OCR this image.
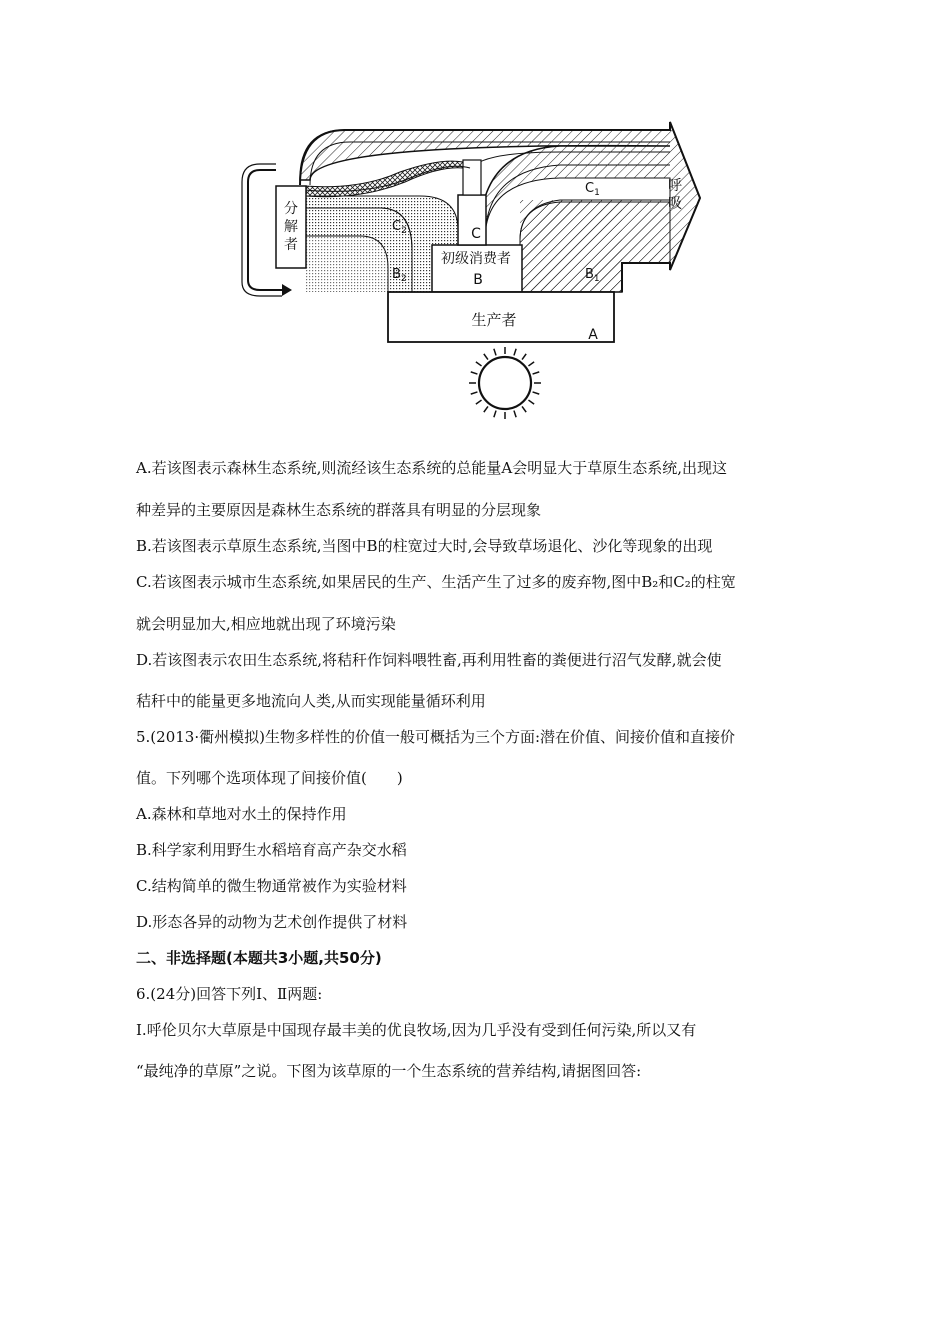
分
解
者
呼
吸
生产者
A
初级消费者
B
C
$C_1$
$C_2$
$B_1$
$B_2$
A.若该图表示森林生态系统,则流经该生态系统的总能量A会明显大于草原生态系统,出现这
种差异的主要原因是森林生态系统的群落具有明显的分层现象
B.若该图表示草原生态系统,当图中B的柱宽过大时,会导致草场退化、沙化等现象的出现
C.若该图表示城市生态系统,如果居民的生产、生活产生了过多的废弃物,图中B₂和C₂的柱宽
就会明显加大,相应地就出现了环境污染
D.若该图表示农田生态系统,将秸秆作饲料喂牲畜,再利用牲畜的粪便进行沼气发酵,就会使
秸秆中的能量更多地流向人类,从而实现能量循环利用
5.(2013·衢州模拟)生物多样性的价值一般可概括为三个方面:潜在价值、间接价值和直接价
值。下列哪个选项体现了间接价值(　　)
A.森林和草地对水土的保持作用
B.科学家利用野生水稻培育高产杂交水稻
C.结构简单的微生物通常被作为实验材料
D.形态各异的动物为艺术创作提供了材料
二、非选择题(本题共3小题,共50分)
6.(24分)回答下列Ⅰ、Ⅱ两题:
Ⅰ.呼伦贝尔大草原是中国现存最丰美的优良牧场,因为几乎没有受到任何污染,所以又有
“最纯净的草原”之说。下图为该草原的一个生态系统的营养结构,请据图回答:
